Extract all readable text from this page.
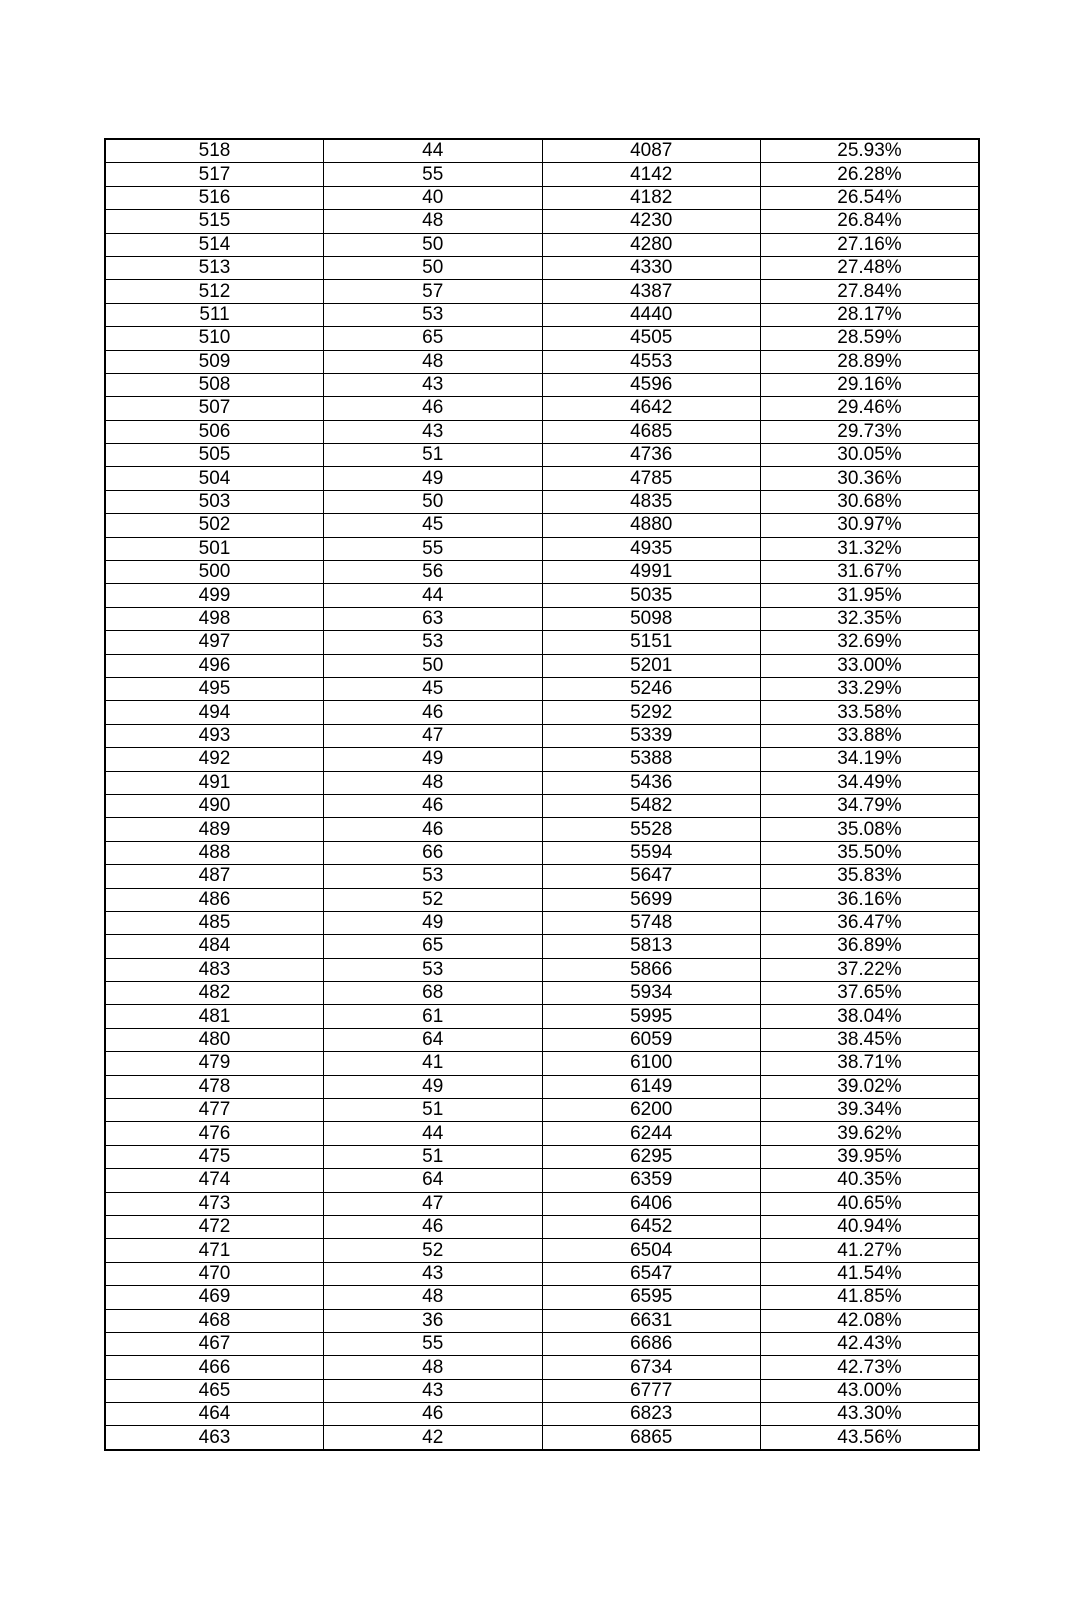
518	44	4087	25.93%
517	55	4142	26.28%
516	40	4182	26.54%
515	48	4230	26.84%
514	50	4280	27.16%
513	50	4330	27.48%
512	57	4387	27.84%
511	53	4440	28.17%
510	65	4505	28.59%
509	48	4553	28.89%
508	43	4596	29.16%
507	46	4642	29.46%
506	43	4685	29.73%
505	51	4736	30.05%
504	49	4785	30.36%
503	50	4835	30.68%
502	45	4880	30.97%
501	55	4935	31.32%
500	56	4991	31.67%
499	44	5035	31.95%
498	63	5098	32.35%
497	53	5151	32.69%
496	50	5201	33.00%
495	45	5246	33.29%
494	46	5292	33.58%
493	47	5339	33.88%
492	49	5388	34.19%
491	48	5436	34.49%
490	46	5482	34.79%
489	46	5528	35.08%
488	66	5594	35.50%
487	53	5647	35.83%
486	52	5699	36.16%
485	49	5748	36.47%
484	65	5813	36.89%
483	53	5866	37.22%
482	68	5934	37.65%
481	61	5995	38.04%
480	64	6059	38.45%
479	41	6100	38.71%
478	49	6149	39.02%
477	51	6200	39.34%
476	44	6244	39.62%
475	51	6295	39.95%
474	64	6359	40.35%
473	47	6406	40.65%
472	46	6452	40.94%
471	52	6504	41.27%
470	43	6547	41.54%
469	48	6595	41.85%
468	36	6631	42.08%
467	55	6686	42.43%
466	48	6734	42.73%
465	43	6777	43.00%
464	46	6823	43.30%
463	42	6865	43.56%
